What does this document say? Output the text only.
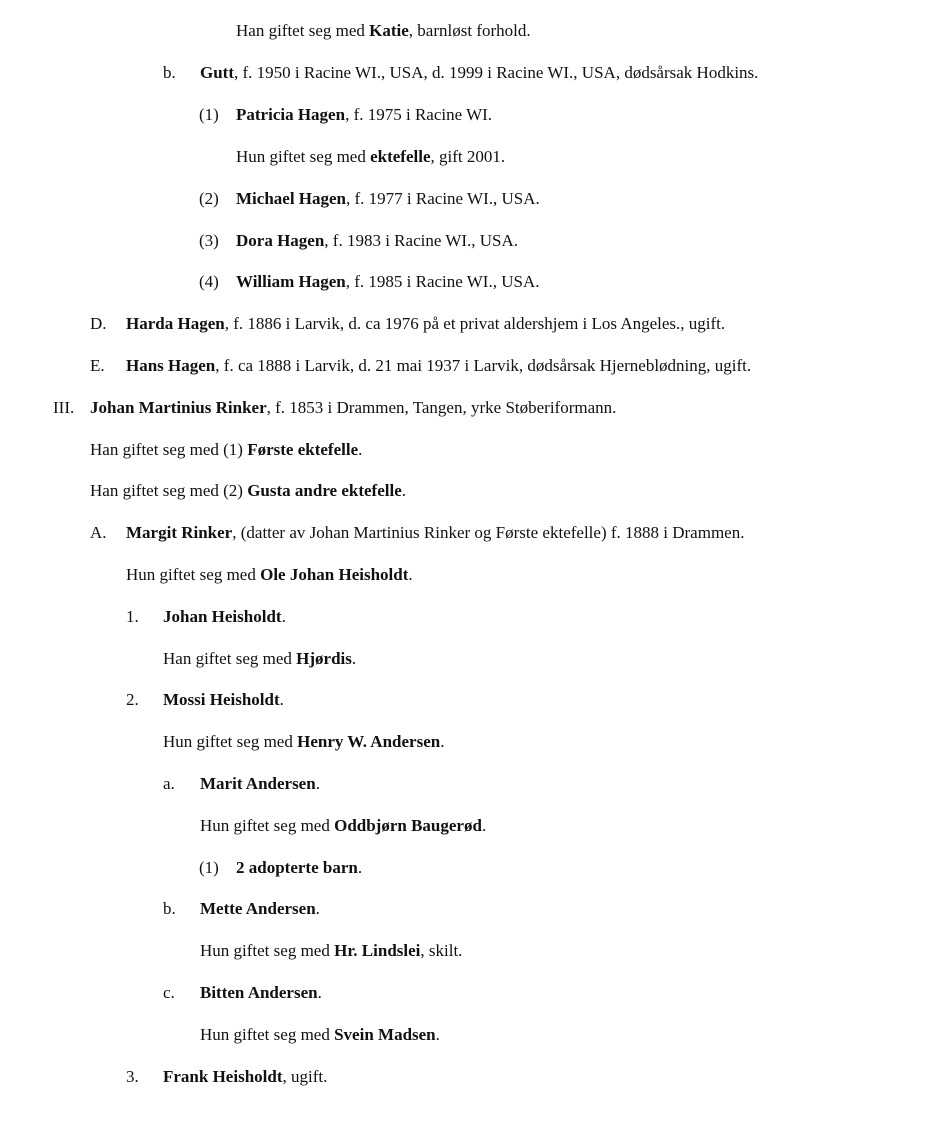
Han giftet seg med Katie, barnløst forhold.
b. Gutt, f. 1950 i Racine WI., USA, d. 1999 i Racine WI., USA, dødsårsak Hodkins.
(1) Patricia Hagen, f. 1975 i Racine WI.
Hun giftet seg med ektefelle, gift 2001.
(2) Michael Hagen, f. 1977 i Racine WI., USA.
(3) Dora Hagen, f. 1983 i Racine WI., USA.
(4) William Hagen, f. 1985 i Racine WI., USA.
D. Harda Hagen, f. 1886 i Larvik, d. ca 1976 på et privat aldershjem i Los Angeles., ugift.
E. Hans Hagen, f. ca 1888 i Larvik, d. 21 mai 1937 i Larvik, dødsårsak Hjerneblødning, ugift.
III. Johan Martinius Rinker, f. 1853 i Drammen, Tangen, yrke Støberiformann.
Han giftet seg med (1) Første ektefelle.
Han giftet seg med (2) Gusta andre ektefelle.
A. Margit Rinker, (datter av Johan Martinius Rinker og Første ektefelle) f. 1888 i Drammen.
Hun giftet seg med Ole Johan Heisholdt.
1. Johan Heisholdt.
Han giftet seg med Hjørdis.
2. Mossi Heisholdt.
Hun giftet seg med Henry W. Andersen.
a. Marit Andersen.
Hun giftet seg med Oddbjørn Baugerød.
(1) 2 adopterte barn.
b. Mette Andersen.
Hun giftet seg med Hr. Lindslei, skilt.
c. Bitten Andersen.
Hun giftet seg med Svein Madsen.
3. Frank Heisholdt, ugift.
